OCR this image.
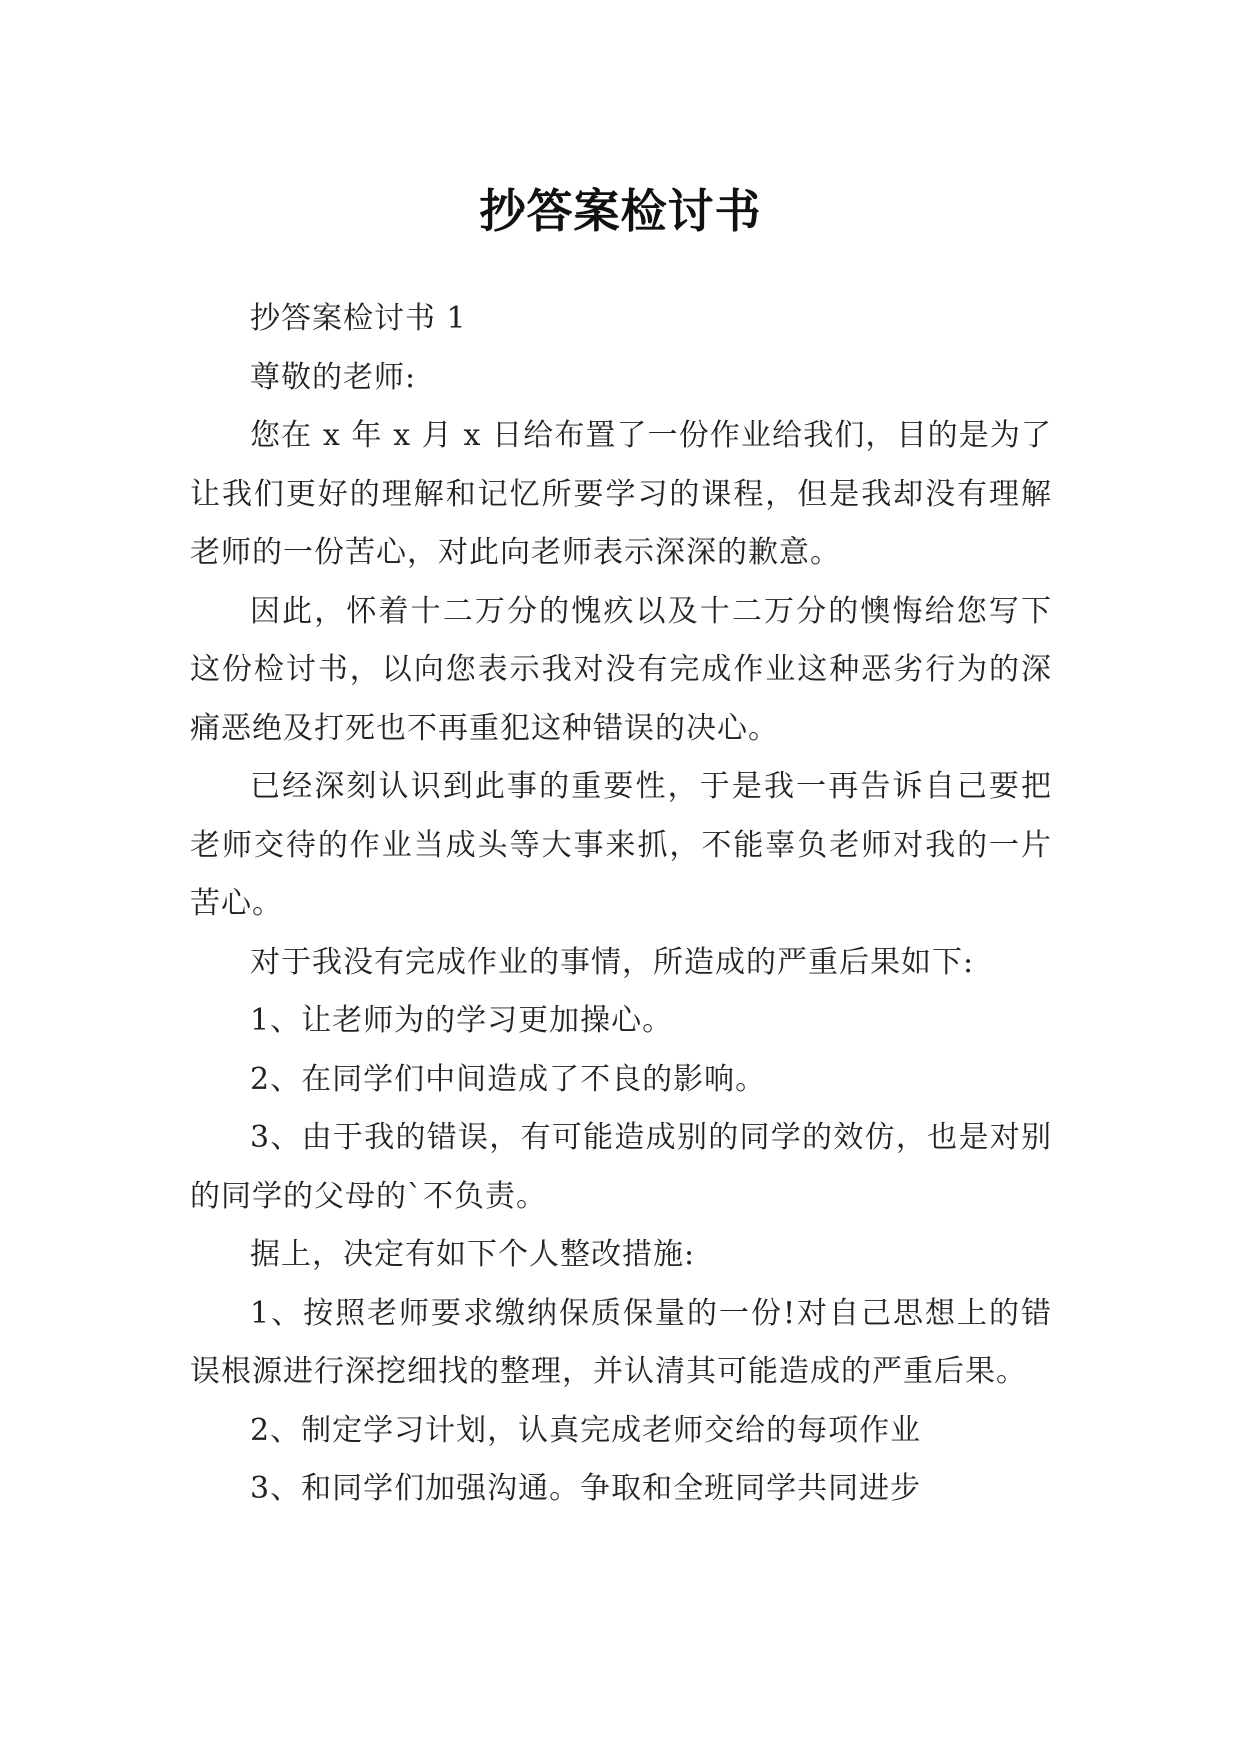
抄答案检讨书

抄答案检讨书 1

尊敬的老师:

您在 x 年 x 月 x 日给布置了一份作业给我们，目的是为了让我们更好的理解和记忆所要学习的课程，但是我却没有理解老师的一份苦心，对此向老师表示深深的歉意。

因此，怀着十二万分的愧疚以及十二万分的懊悔给您写下这份检讨书，以向您表示我对没有完成作业这种恶劣行为的深痛恶绝及打死也不再重犯这种错误的决心。

已经深刻认识到此事的重要性，于是我一再告诉自己要把老师交待的作业当成头等大事来抓，不能辜负老师对我的一片苦心。

对于我没有完成作业的事情，所造成的严重后果如下:

1、让老师为的学习更加操心。

2、在同学们中间造成了不良的影响。

3、由于我的错误，有可能造成别的同学的效仿，也是对别的同学的父母的`不负责。

据上，决定有如下个人整改措施:

1、按照老师要求缴纳保质保量的一份!对自己思想上的错误根源进行深挖细找的整理，并认清其可能造成的严重后果。

2、制定学习计划，认真完成老师交给的每项作业

3、和同学们加强沟通。争取和全班同学共同进步
